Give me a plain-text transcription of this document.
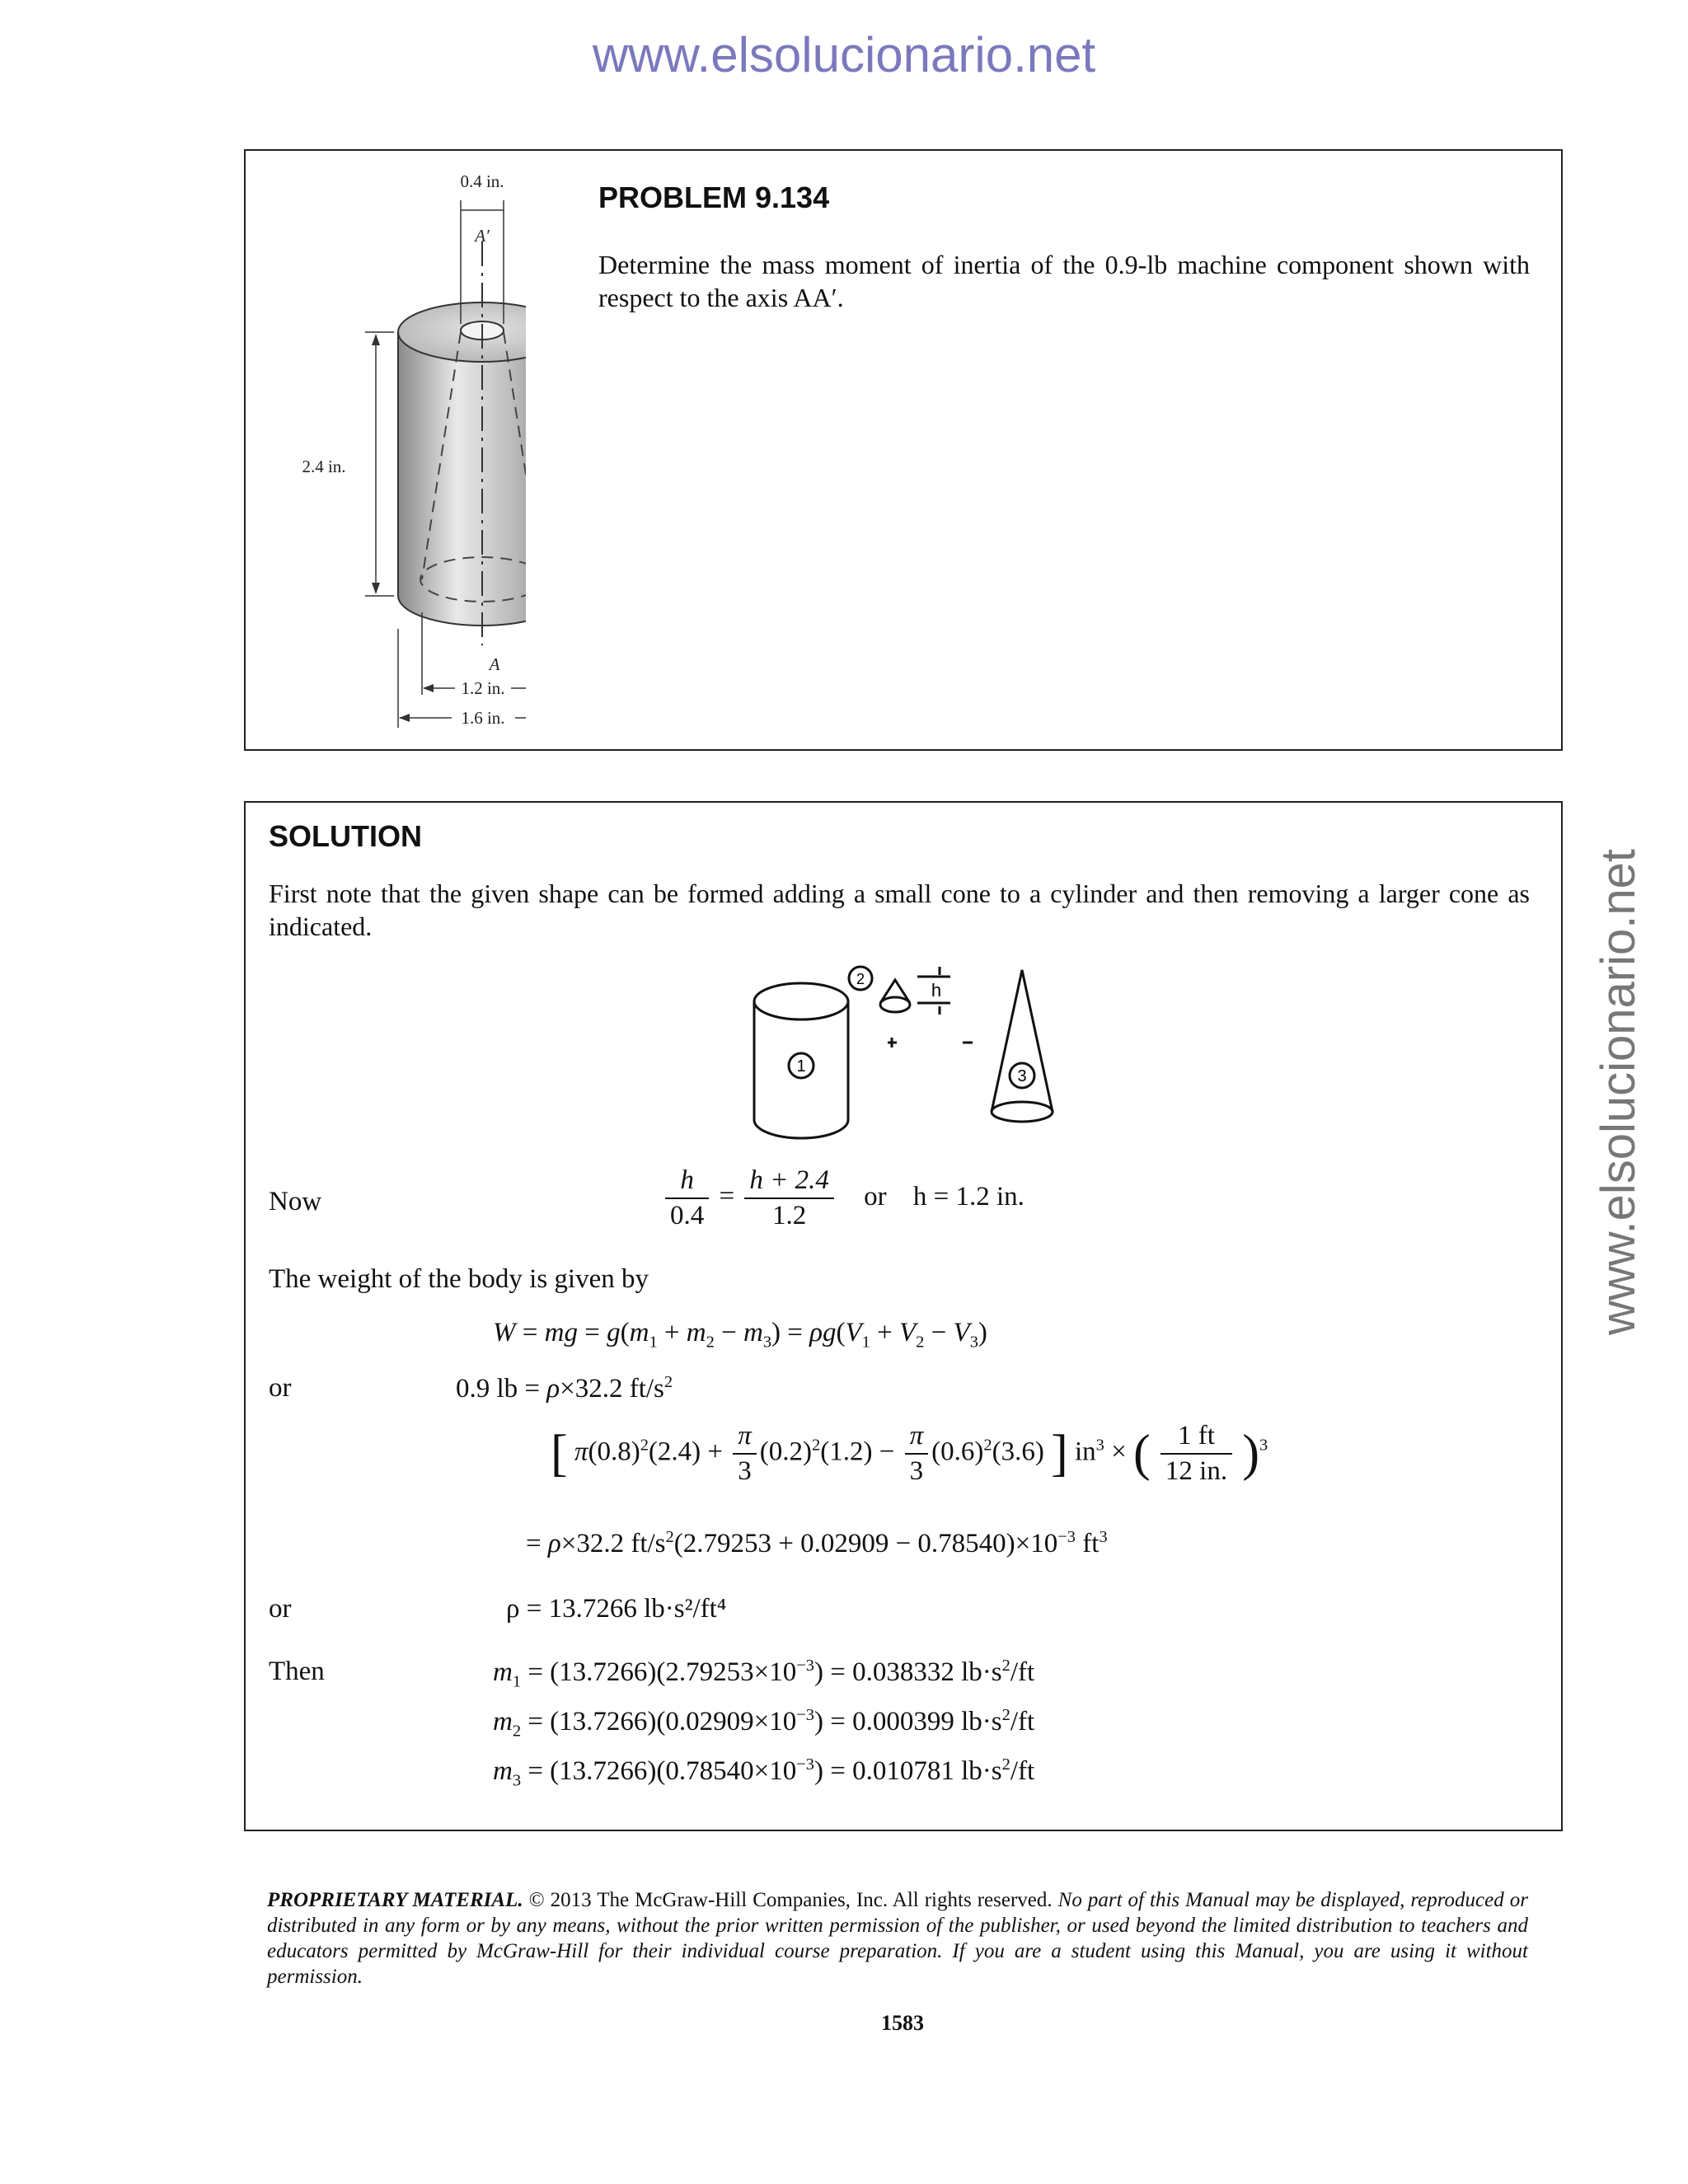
www.elsolucionario.net
www.elsolucionario.net
0.4 in.
A′
2.4 in.
A
1.2 in.
1.6 in.
PROBLEM 9.134
Determine the mass moment of inertia of the 0.9-lb machine component shown with respect to the axis AA′.
SOLUTION
First note that the given shape can be formed adding a small cone to a cylinder and then removing a larger cone as indicated.
1
2
3
h
Now	$\frac{h}{0.4} = \frac{h + 2.4}{1.2}$ or h = 1.2 in.
The weight of the body is given by
W = mg = $g(m_1 + m_2 - m_3) = \rho g(V_1 + V_2 - V_3)$
or	0.9 lb = ρ×32.2 $ft/s^2$
[ $\pi(0.8)^2(2.4) + \frac{\pi}{3} (0.2)^2(1.2) - \frac{\pi}{3} (0.6)^2(3.6)$ ] $in^3$ × ( $\frac{1 ft}{12 in.} )^3$
= ρ×32.2 $ft/s^2(2.79253 + 0.02909 - 0.78540)\times 10^{-3}$ $ft^3$
or	ρ = 13.7266 lb·s²/ft⁴
Then	$m_1 = (13.7266)(2.79253\times 10^{-3}) = 0.038332$ $lb\cdot s^2/ft$
$m_2 = (13.7266)(0.02909\times 10^{-3}) = 0.000399$ $lb\cdot s^2/ft$
$m_3 = (13.7266)(0.78540\times 10^{-3}) = 0.010781$ $lb\cdot s^2/ft$
PROPRIETARY MATERIAL. © 2013 The McGraw-Hill Companies, Inc. All rights reserved. No part of this Manual may be displayed, reproduced or distributed in any form or by any means, without the prior written permission of the publisher, or used beyond the limited distribution to teachers and educators permitted by McGraw-Hill for their individual course preparation. If you are a student using this Manual, you are using it without permission.
1583
